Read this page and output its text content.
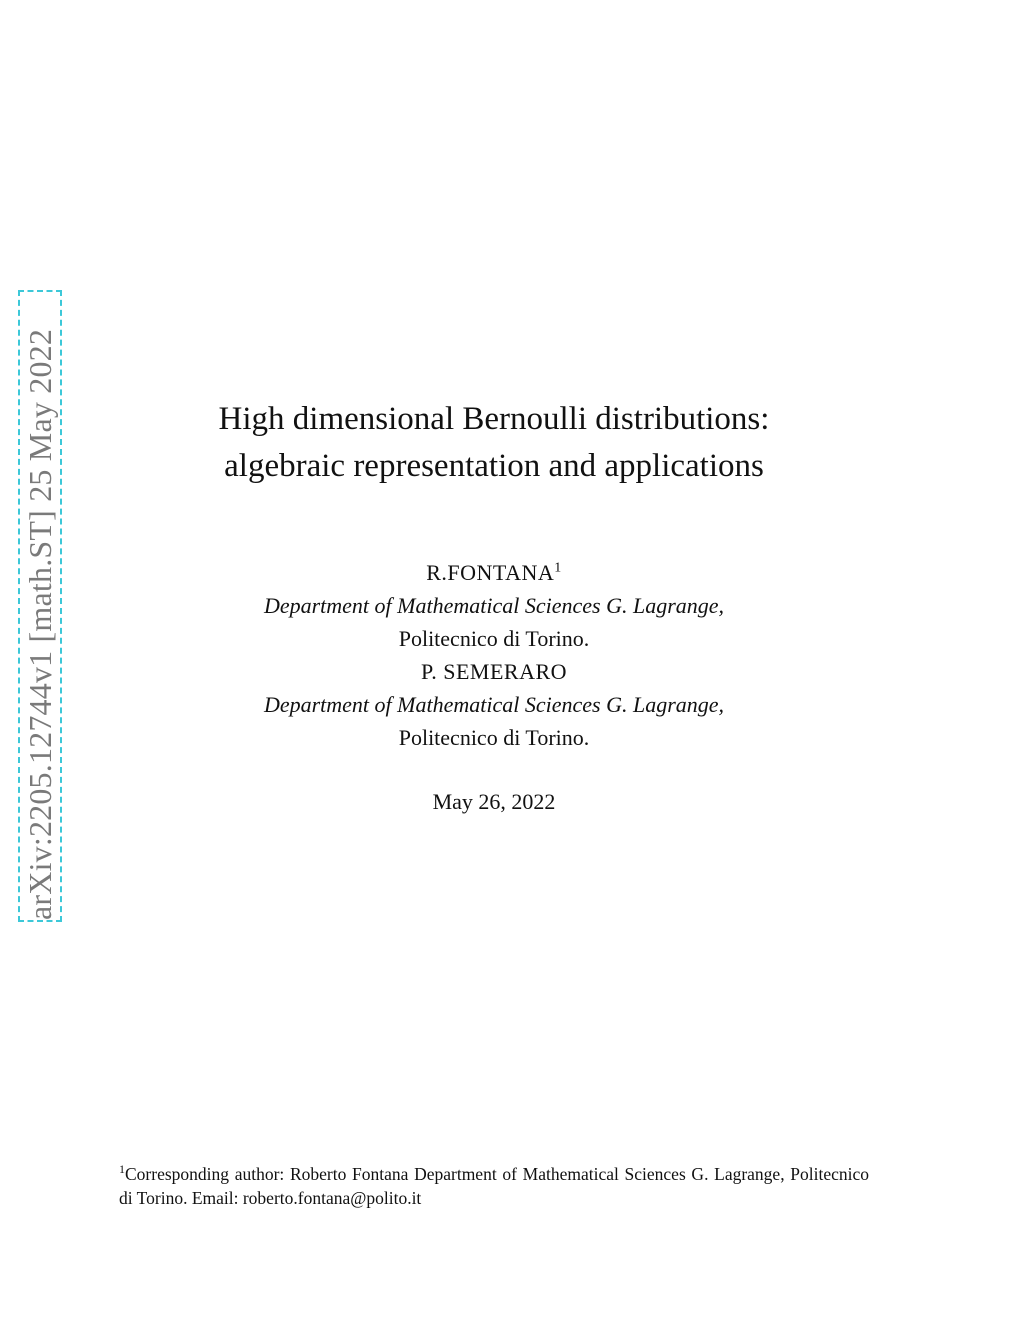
arXiv:2205.12744v1 [math.ST] 25 May 2022	High dimensional Bernoulli distributions:
algebraic representation and applications
R.FONTANA$^1$
Department of Mathematical Sciences G. Lagrange,
Politecnico di Torino.
P. SEMERARO
Department of Mathematical Sciences G. Lagrange,
Politecnico di Torino.
May 26, 2022
$^1$Corresponding author: Roberto Fontana Department of Mathematical Sciences G. Lagrange, Politecnico di Torino. Email: roberto.fontana@polito.it
